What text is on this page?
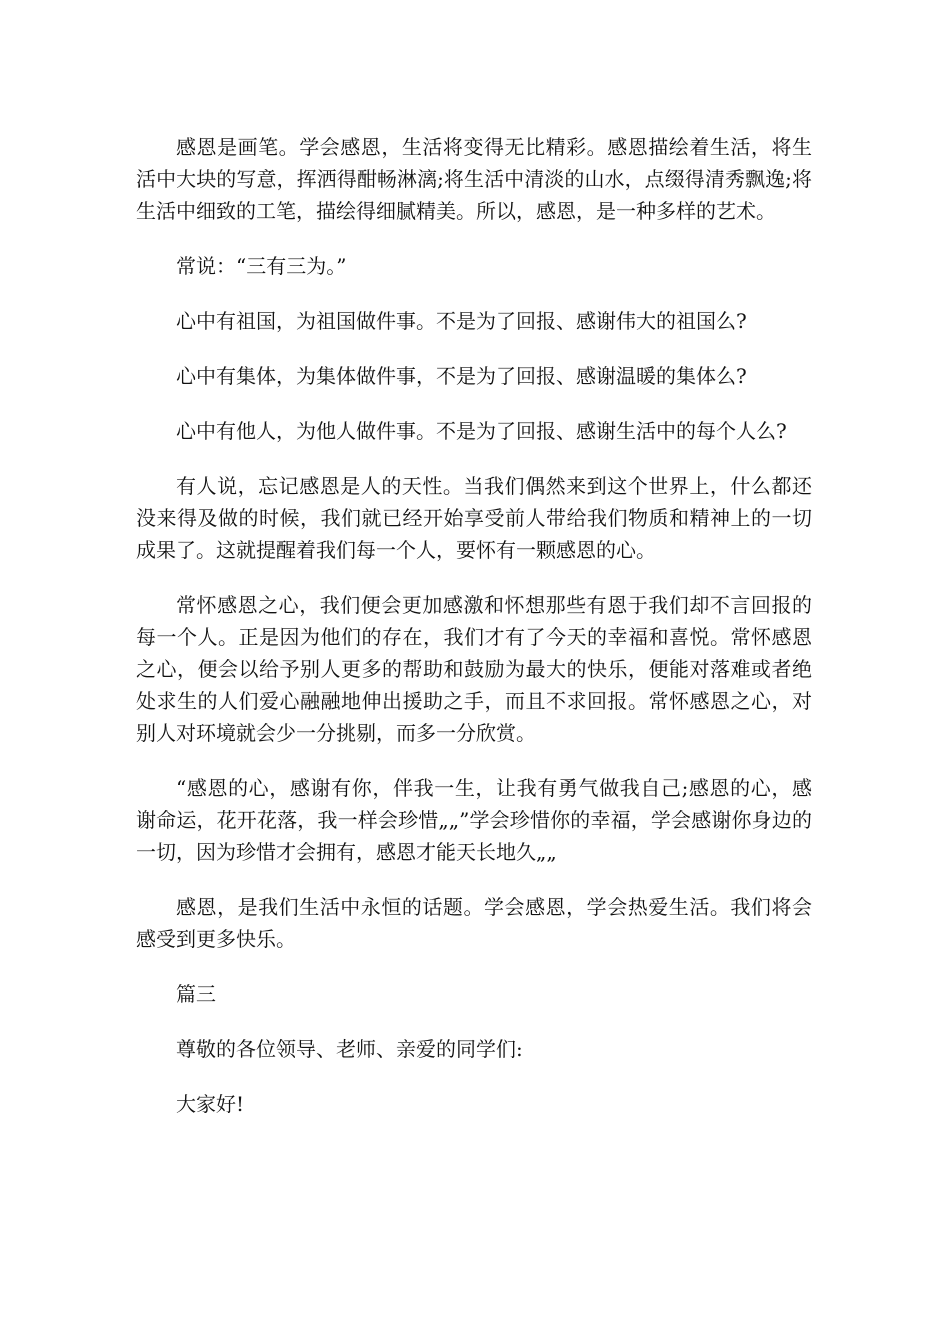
感恩是画笔。学会感恩，生活将变得无比精彩。感恩描绘着生活，将生活中大块的写意，挥洒得酣畅淋漓;将生活中清淡的山水，点缀得清秀飘逸;将生活中细致的工笔，描绘得细腻精美。所以，感恩，是一种多样的艺术。

常说：“三有三为。”

心中有祖国，为祖国做件事。不是为了回报、感谢伟大的祖国么?

心中有集体，为集体做件事，不是为了回报、感谢温暖的集体么?

心中有他人，为他人做件事。不是为了回报、感谢生活中的每个人么?

有人说，忘记感恩是人的天性。当我们偶然来到这个世界上，什么都还没来得及做的时候，我们就已经开始享受前人带给我们物质和精神上的一切成果了。这就提醒着我们每一个人，要怀有一颗感恩的心。

常怀感恩之心，我们便会更加感激和怀想那些有恩于我们却不言回报的每一个人。正是因为他们的存在，我们才有了今天的幸福和喜悦。常怀感恩之心，便会以给予别人更多的帮助和鼓励为最大的快乐，便能对落难或者绝处求生的人们爱心融融地伸出援助之手，而且不求回报。常怀感恩之心，对别人对环境就会少一分挑剔，而多一分欣赏。

“感恩的心，感谢有你，伴我一生，让我有勇气做我自己;感恩的心，感谢命运，花开花落，我一样会珍惜„„”学会珍惜你的幸福，学会感谢你身边的一切，因为珍惜才会拥有，感恩才能天长地久„„

感恩，是我们生活中永恒的话题。学会感恩，学会热爱生活。我们将会感受到更多快乐。

篇三

尊敬的各位领导、老师、亲爱的同学们:

大家好!
